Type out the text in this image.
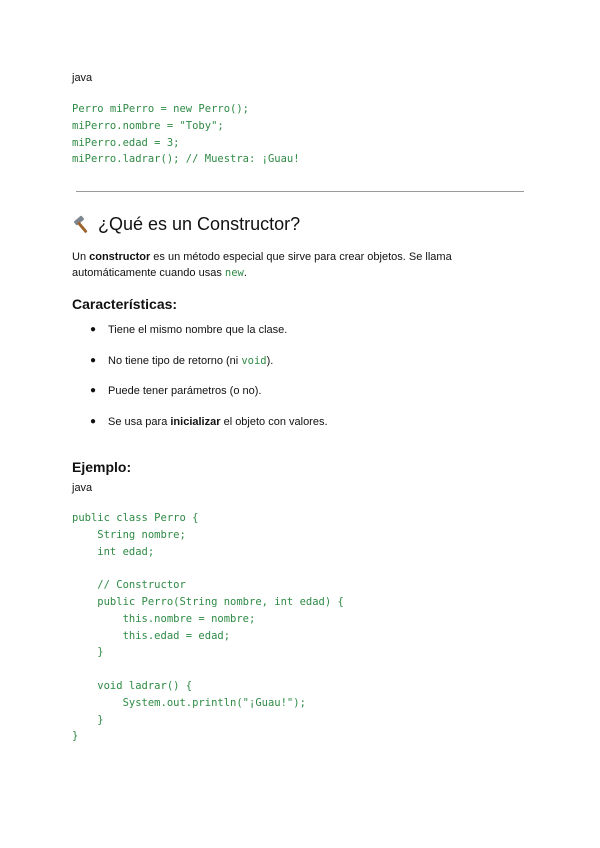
java
Perro miPerro = new Perro();
miPerro.nombre = "Toby";
miPerro.edad = 3;
miPerro.ladrar(); // Muestra: ¡Guau!
¿Qué es un Constructor?

Un constructor es un método especial que sirve para crear objetos. Se llama automáticamente cuando usas new.

Características:
●	Tiene el mismo nombre que la clase.
●	No tiene tipo de retorno (ni void).
●	Puede tener parámetros (o no).
●	Se usa para inicializar el objeto con valores.
Ejemplo:
java
public class Perro {
String nombre;
int edad;

// Constructor
public Perro(String nombre, int edad) {
this.nombre = nombre;
this.edad = edad;
}

void ladrar() {
System.out.println("¡Guau!");
}
}
